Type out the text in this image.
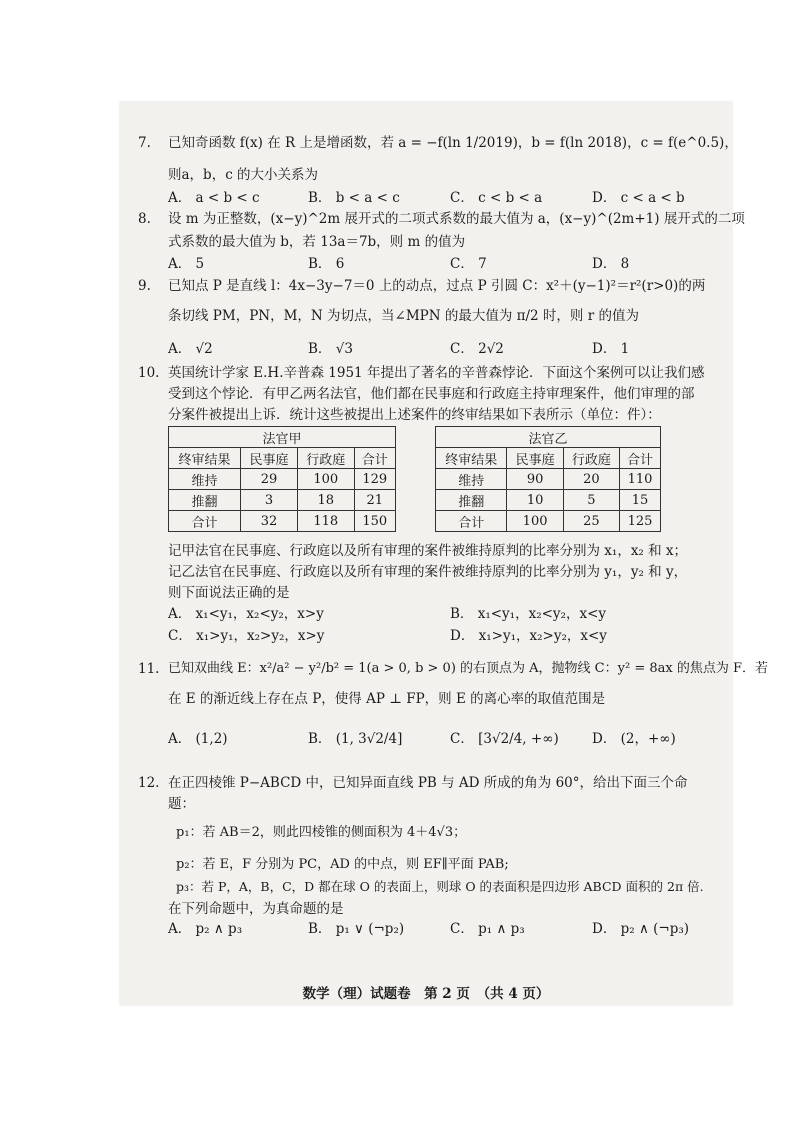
7. 已知奇函数 f(x) 在 R 上是增函数，若 a = −f(ln 1/2019)，b = f(ln 2018)，c = f(e^0.5)，
则a，b，c 的大小关系为
A． a < b < c	B． b < a < c	C． c < b < a	D． c < a < b
8. 设 m 为正整数，(x−y)^2m 展开式的二项式系数的最大值为 a，(x−y)^(2m+1) 展开式的二项
式系数的最大值为 b，若 13a＝7b，则 m 的值为
A． 5	B． 6	C． 7	D． 8
9. 已知点 P 是直线 l：4x−3y−7＝0 上的动点，过点 P 引圆 C：x²＋(y−1)²＝r²(r>0)的两
条切线 PM，PN，M，N 为切点，当∠MPN 的最大值为 π/2 时，则 r 的值为
A． √2	B． √3	C． 2√2	D． 1
10. 英国统计学家 E.H.辛普森 1951 年提出了著名的辛普森悖论．下面这个案例可以让我们感
受到这个悖论．有甲乙两名法官，他们都在民事庭和行政庭主持审理案件，他们审理的部
分案件被提出上诉．统计这些被提出上述案件的终审结果如下表所示（单位：件）：
法官甲			
终审结果	民事庭	行政庭	合计
维持	29	100	129
推翻	3	18	21
合计	32	118	150
法官乙			
终审结果	民事庭	行政庭	合计
维持	90	20	110
推翻	10	5	15
合计	100	25	125
记甲法官在民事庭、行政庭以及所有审理的案件被维持原判的比率分别为 x₁，x₂ 和 x；
记乙法官在民事庭、行政庭以及所有审理的案件被维持原判的比率分别为 y₁，y₂ 和 y，
则下面说法正确的是
A． x₁<y₁，x₂<y₂，x>y	B． x₁<y₁，x₂<y₂，x<y
C． x₁>y₁，x₂>y₂，x>y	D． x₁>y₁，x₂>y₂，x<y
11. 已知双曲线 E：x²/a² − y²/b² = 1(a > 0, b > 0) 的右顶点为 A，抛物线 C：y² = 8ax 的焦点为 F．若
在 E 的渐近线上存在点 P，使得 AP ⊥ FP，则 E 的离心率的取值范围是
A． (1,2)	B． (1, 3√2/4]	C． [3√2/4, +∞) D． (2，+∞)
12. 在正四棱锥 P−ABCD 中，已知异面直线 PB 与 AD 所成的角为 60°，给出下面三个命
题：
p₁：若 AB＝2，则此四棱锥的侧面积为 4＋4√3；
p₂：若 E，F 分别为 PC，AD 的中点，则 EF∥平面 PAB;
p₃：若 P，A，B，C，D 都在球 O 的表面上，则球 O 的表面积是四边形 ABCD 面积的 2π 倍.
在下列命题中，为真命题的是
A． p₂ ∧ p₃	B． p₁ ∨ (¬p₂)	C． p₁ ∧ p₃	D． p₂ ∧ (¬p₃)
数学（理）试题卷　第 2 页　（共 4 页）
